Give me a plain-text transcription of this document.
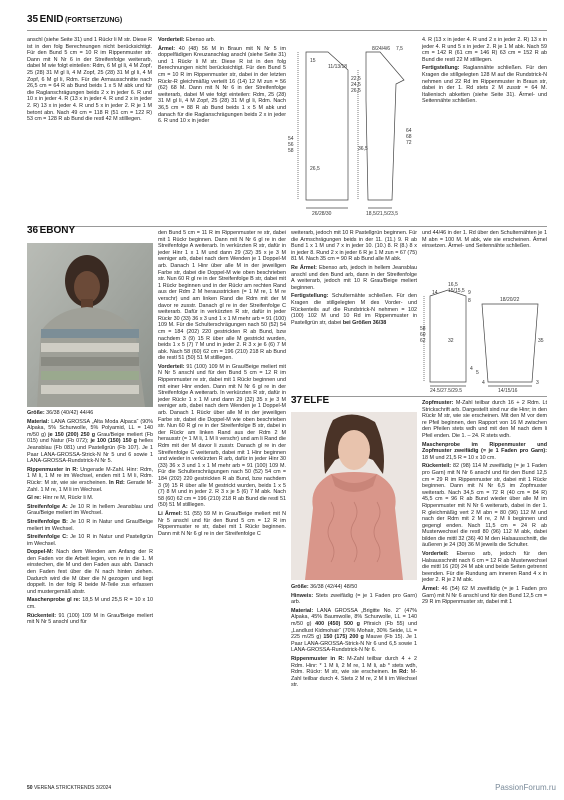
35 ENID (FORTSETZUNG)

anschl (siehe Seite 31) und 1 Rückr li M str. Diese R ist in den folg Berechnungen nicht berücksichtigt. Für den Bund 5 cm = 10 R im Rippenmuster str. Dann mit N Nr 6 in der Streifenfolge weiterarb, dabei M wie folgt einteilen: Rdm, 6 M gl li, 4 M Zopf, 25 (28) 31 M gl li, 4 M Zopf, 25 (28) 31 M gl li, 4 M Zopf, 6 M gl li, Rdm. Für die Armausschnitte nach 26,5 cm = 64 R ab Bund beids 1 x 5 M abk und für die Raglanschrägungen beids 2 x in jeder 6. R und 10 x in jeder 4. R (13 x in jeder 4. R und 2 x in jeder 2. R) 13 x in jeder 4. R und 5 x in jeder 2. R je 1 M betont abn. Nach 49 cm = 118 R (51 cm = 122 R) 53 cm = 128 R ab Bund die restl 42 M stilllegen.

Vorderteil: Ebenso arb.

Ärmel: 40 (48) 56 M in Braun mit N Nr 5 im doppelfädigen Kreuzanschlag anschl (siehe Seite 31) und 1 Rückr li M str. Diese R ist in den folg Berechnungen nicht berücksichtigt. Für den Bund 5 cm = 10 R im Rippenmuster str, dabei in der letzten Rückr-R gleichmäßig verteilt 16 (14) 12 M zun = 56 (62) 68 M. Dann mit N Nr 6 in der Streifenfolge weiterarb, dabei M wie folgt einteilen: Rdm, 25 (28) 31 M gl li, 4 M Zopf, 25 (28) 31 M gl li, Rdm. Nach 36,5 cm = 88 R ab Bund beids 1 x 5 M abk und danach für die Raglanschrägungen beids 2 x in jeder 6. R und 10 x in jeder

15
11/13/18
8/24/4/6 7,5
22,5
24,5
26,5
54
56
58	36,5
26,5
26/28/30
64
68
72
18,5/21,5/23,5

4. R (13 x in jeder 4. R und 2 x in jeder 2. R) 13 x in jeder 4. R und 5 x in jeder 2. R je 1 M abk. Nach 59 cm = 142 R (61 cm = 146 R) 63 cm = 152 R ab Bund die restl 22 M stilllegen.

Fertigstellung: Raglannähte schließen. Für den Kragen die stillgelegten 128 M auf die Rundstrick-N nehmen und 22 Rd im Rippenmuster in Braun str, dabei in der 1. Rd stets 2 M zusstr = 64 M. Italienisch abketten (siehe Seite 31). Ärmel- und Seitennähte schließen.

36 EBONY

Größe: 36/38 (40/42) 44/46

Material: LANA GROSSA „Alta Moda Alpaca“ (90% Alpaka, 5% Schurwolle, 5% Polyamid, LL = 140 m/50 g) je 150 (200) 250 g Grau/Beige meliert (Fb 015) und Natur (Fb 072); je 100 (150) 150 g helles Jeansblau (Fb 081) und Pastellgrün (Fb 107). Je 1 Paar LANA-GROSSA-Strick-N Nr 5 und 6 sowie 1 LANA-GROSSA-Rundstrick-N Nr 5.

Rippenmuster in R: Ungerade M-Zahl. Hinr: Rdm, 1 M li, 1 M re im Wechsel, enden mit 1 M li, Rdm. Rückr: M str, wie sie erscheinen. In Rd: Gerade M-Zahl. 1 M re, 1 M li im Wechsel.

Gl re: Hinr re M, Rückr li M.

Streifenfolge A: Je 10 R in hellem Jeansblau und Grau/Beige meliert im Wechsel.

Streifenfolge B: Je 10 R in Natur und Grau/Beige meliert im Wechsel.

Streifenfolge C: Je 10 R in Natur und Pastellgrün im Wechsel.

Doppel-M: Nach dem Wenden am Anfang der R den Faden vor die Arbeit legen, von re in die 1. M einstechen, die M und den Faden aus abh. Danach den Faden fest über die N nach hinten ziehen. Dadurch wird die M über die N gezogen und liegt doppelt. In der folg R beide M-Teile zus erfassen und mustergemäß abstr.

Maschenprobe gl re: 18,5 M und 25,5 R = 10 x 10 cm.

Rückenteil: 91 (100) 109 M in Grau/Beige meliert mit N Nr 5 anschl und für

den Bund 5 cm = 11 R im Rippenmuster re str, dabei mit 1 Rückr beginnen. Dann mit N Nr 6 gl re in der Streifenfolge A weiterarb. In verkürzten R str, dafür in jeder Hinr 1 x 1 M und dann 29 (32) 35 x je 3 M weniger arb, dabei nach dem Wenden je 1 Doppel-M arb. Danach 1 Hinr über alle M in der jeweiligen Farbe str, dabei die Doppel-M wie oben beschrieben str. Nun 60 R gl re in der Streifenfolge B str, dabei mit 1 Rückr beginnen und in der Rückr am rechten Rand aus der Rdm 2 M herausstricken (= 1 M re, 1 M re verschr) und am linken Rand die Rdm mit der M davor re zusstr. Danach gl re in der Streifenfolge C weiterarb. Dafür in verkürzten R str, dafür in jeder Rückr 30 (33) 36 x 3 und 1 x 1 M mehr arb = 91 (100) 109 M. Für die Schulterschrägungen nach 50 (52) 54 cm = 184 (202) 220 gestrickten R ab Bund, bzw nachdem 3 (9) 15 R über alle M gestrickt wurden, beids 1 x 5 (7) 7 M und in jeder 2. R 3 x je 6 (6) 7 M abk. Nach 58 (60) 62 cm = 196 (210) 218 R ab Bund die restl 51 (50) 51 M stilllegen.

Vorderteil: 91 (100) 109 M in Grau/Beige meliert mit N Nr 5 anschl und für den Bund 5 cm = 12 R im Rippenmuster re str, dabei mit 1 Rückr beginnen und mit einer Hinr enden. Dann mit N Nr 6 gl re in der Streifenfolge A weiterarb. In verkürzten R str, dafür in jeder Rückr 1 x 1 M und dann 29 (32) 35 x je 3 M weniger arb, dabei nach dem Wenden je 1 Doppel-M arb. Danach 1 Rückr über alle M in der jeweiligen Farbe str, dabei die Doppel-M wie oben beschrieben str. Nun 60 R gl re in der Streifenfolge B str, dabei in der Rückr am linken Rand aus der Rdm 2 M herausstr (= 1 M li, 1 M li verschr) und am li Rand die Rdm mit der M davor li zusstr. Danach gl re in der Streifenfolge C weiterarb, dabei mit 1 Hinr beginnen und wieder in verkürzten R arb, dafür in jeder Hinr 30 (33) 36 x 3 und 1 x 1 M mehr arb = 91 (100) 109 M. Für die Schulterschrägungen nach 50 (52) 54 cm = 184 (202) 220 gestrickten R ab Bund, bzw nachdem 3 (9) 15 R über alle M gestrickt wurden, beids 1 x 5 (7) 8 M und in jeder 2. R 3 x je 5 (6) 7 M abk. Nach 58 (60) 62 cm = 196 (210) 218 R ab Bund die restl 51 (50) 51 M stilllegen.

Li Ärmel: 51 (55) 59 M in Grau/Beige meliert mit N Nr 5 anschl und für den Bund 5 cm = 12 R im Rippenmuster re str, dabei mit 1 Rückr beginnen. Dann mit N Nr 6 gl re in der Streifenfolge C

weiterarb, jedoch mit 10 R Pastellgrün beginnen. Für die Armschrägungen beids in der 11. (11.) 9. R ab Bund 1 x 1 M und 7 x in jeder 10. (10.) 8. R (8.) 8 x in jeder 8. Rund 2 x in jeder 6 R je 1 M zun = 67 (75) 81 M. Nach 35 cm = 90 R ab Bund alle M abk.

Re Ärmel: Ebenso arb, jedoch in hellem Jeansblau anschl und den Bund arb, dann in der Streifenfolge A weiterarb, jedoch mit 10 R Grau/Beige meliert beginnen.

Fertigstellung: Schulternähte schließen. Für den Kragen die stillgelegten M des Vorder- und Rückenteils auf die Rundstrick-N nehmen = 102 (100) 102 M und 10 Rd im Rippenmuster in Pastellgrün str, dabei bei Größen 36/38

und 44/46 in der 1. Rd über den Schulternähten je 1 M abn = 100 M. M abk, wie sie erscheinen. Ärmel einsetzen. Ärmel- und Seitennähte schließen.

14
16,5
15/15,5 9
8
58
60
62	32
24,5/27,5/29,5
4
5
4	3
18/20/22
35
14/15/16
37 ELFE

Größe: 36/38 (42/44) 48/50

Hinweis: Stets zweifädig (= je 1 Faden pro Garn) arb.

Material: LANA GROSSA „Brigitte No. 2“ (47% Alpaka, 45% Baumwolle, 8% Schurwolle, LL = 140 m/50 g) 400 (450) 500 g Pfirsich (Fb 55) und „Landlust Kidmohair“ (70% Mohair, 30% Seide, LL = 225 m/25 g) 150 (175) 200 g Mauve (Fb 15). Je 1 Paar LANA-GROSSA-Strick-N Nr 6 und 6,5 sowie 1 LANA-GROSSA-Rundstrick-N Nr 6.

Rippenmuster in R: M-Zahl teilbar durch 4 + 2 Rdm. Hinr: * 1 M li, 2 M re, 1 M li, ab * stets wdh, Rdm. Rückr: M str, wie sie erscheinen. In Rd: M-Zahl teilbar durch 4. Stets 2 M re, 2 M li im Wechsel str.

Zopfmuster: M-Zahl teilbar durch 16 + 2 Rdm. Lt Strickschrift arb. Dargestellt sind nur die Hinr; in den Rückr M str, wie sie erscheinen. Mit den M vor dem re Pfeil beginnen, den Rapport von 16 M zwischen den Pfeilen stets wdh und mit den M nach dem li Pfeil enden. Die 1. – 24. R stets wdh.

Maschenprobe im Rippenmuster und Zopfmuster zweifädig (= je 1 Faden pro Garn): 18 M und 21,5 R = 10 x 10 cm.

Rückenteil: 82 (98) 114 M zweifädig (= je 1 Faden pro Garn) mit N Nr 6 anschl und für den Bund 12,5 cm = 29 R im Rippenmuster str, dabei mit 1 Rückr beginnen. Dann mit N Nr 6,5 im Zopfmuster weiterarb. Nach 34,5 cm = 72 R (40 cm = 84 R) 45,5 cm = 96 R ab Bund wieder über alle M im Rippenmuster mit N Nr 6 weiterarb, dabei in der 1. R gleichmäßig vert 2 M abn = 80 (96) 112 M und nach der Rdm mit 2 M re, 2 M li beginnen und gegengl enden. Nach 11,5 cm = 24 R ab Musterwechsel die restl 80 (96) 112 M abk, dabei bilden die mittl 32 (36) 40 M den Halsausschnitt, die äußeren je 24 (30) 36 M jeweils die Schulter.

Vorderteil: Ebenso arb, jedoch für den Halsausschnitt nach 6 cm = 12 R ab Musterwechsel die mittl 16 (20) 24 M abk und beide Seiten getrennt beenden. Für die Rundung am inneren Rand 4 x in jeder 2. R je 2 M abk.

Ärmel: 46 (54) 62 M zweifädig (= je 1 Faden pro Garn) mit N Nr 6 anschl und für den Bund 12,5 cm = 29 R im Rippenmuster str, dabei mit 1

50 VERENA STRICKTRENDS 3/2024	PassionForum.ru
